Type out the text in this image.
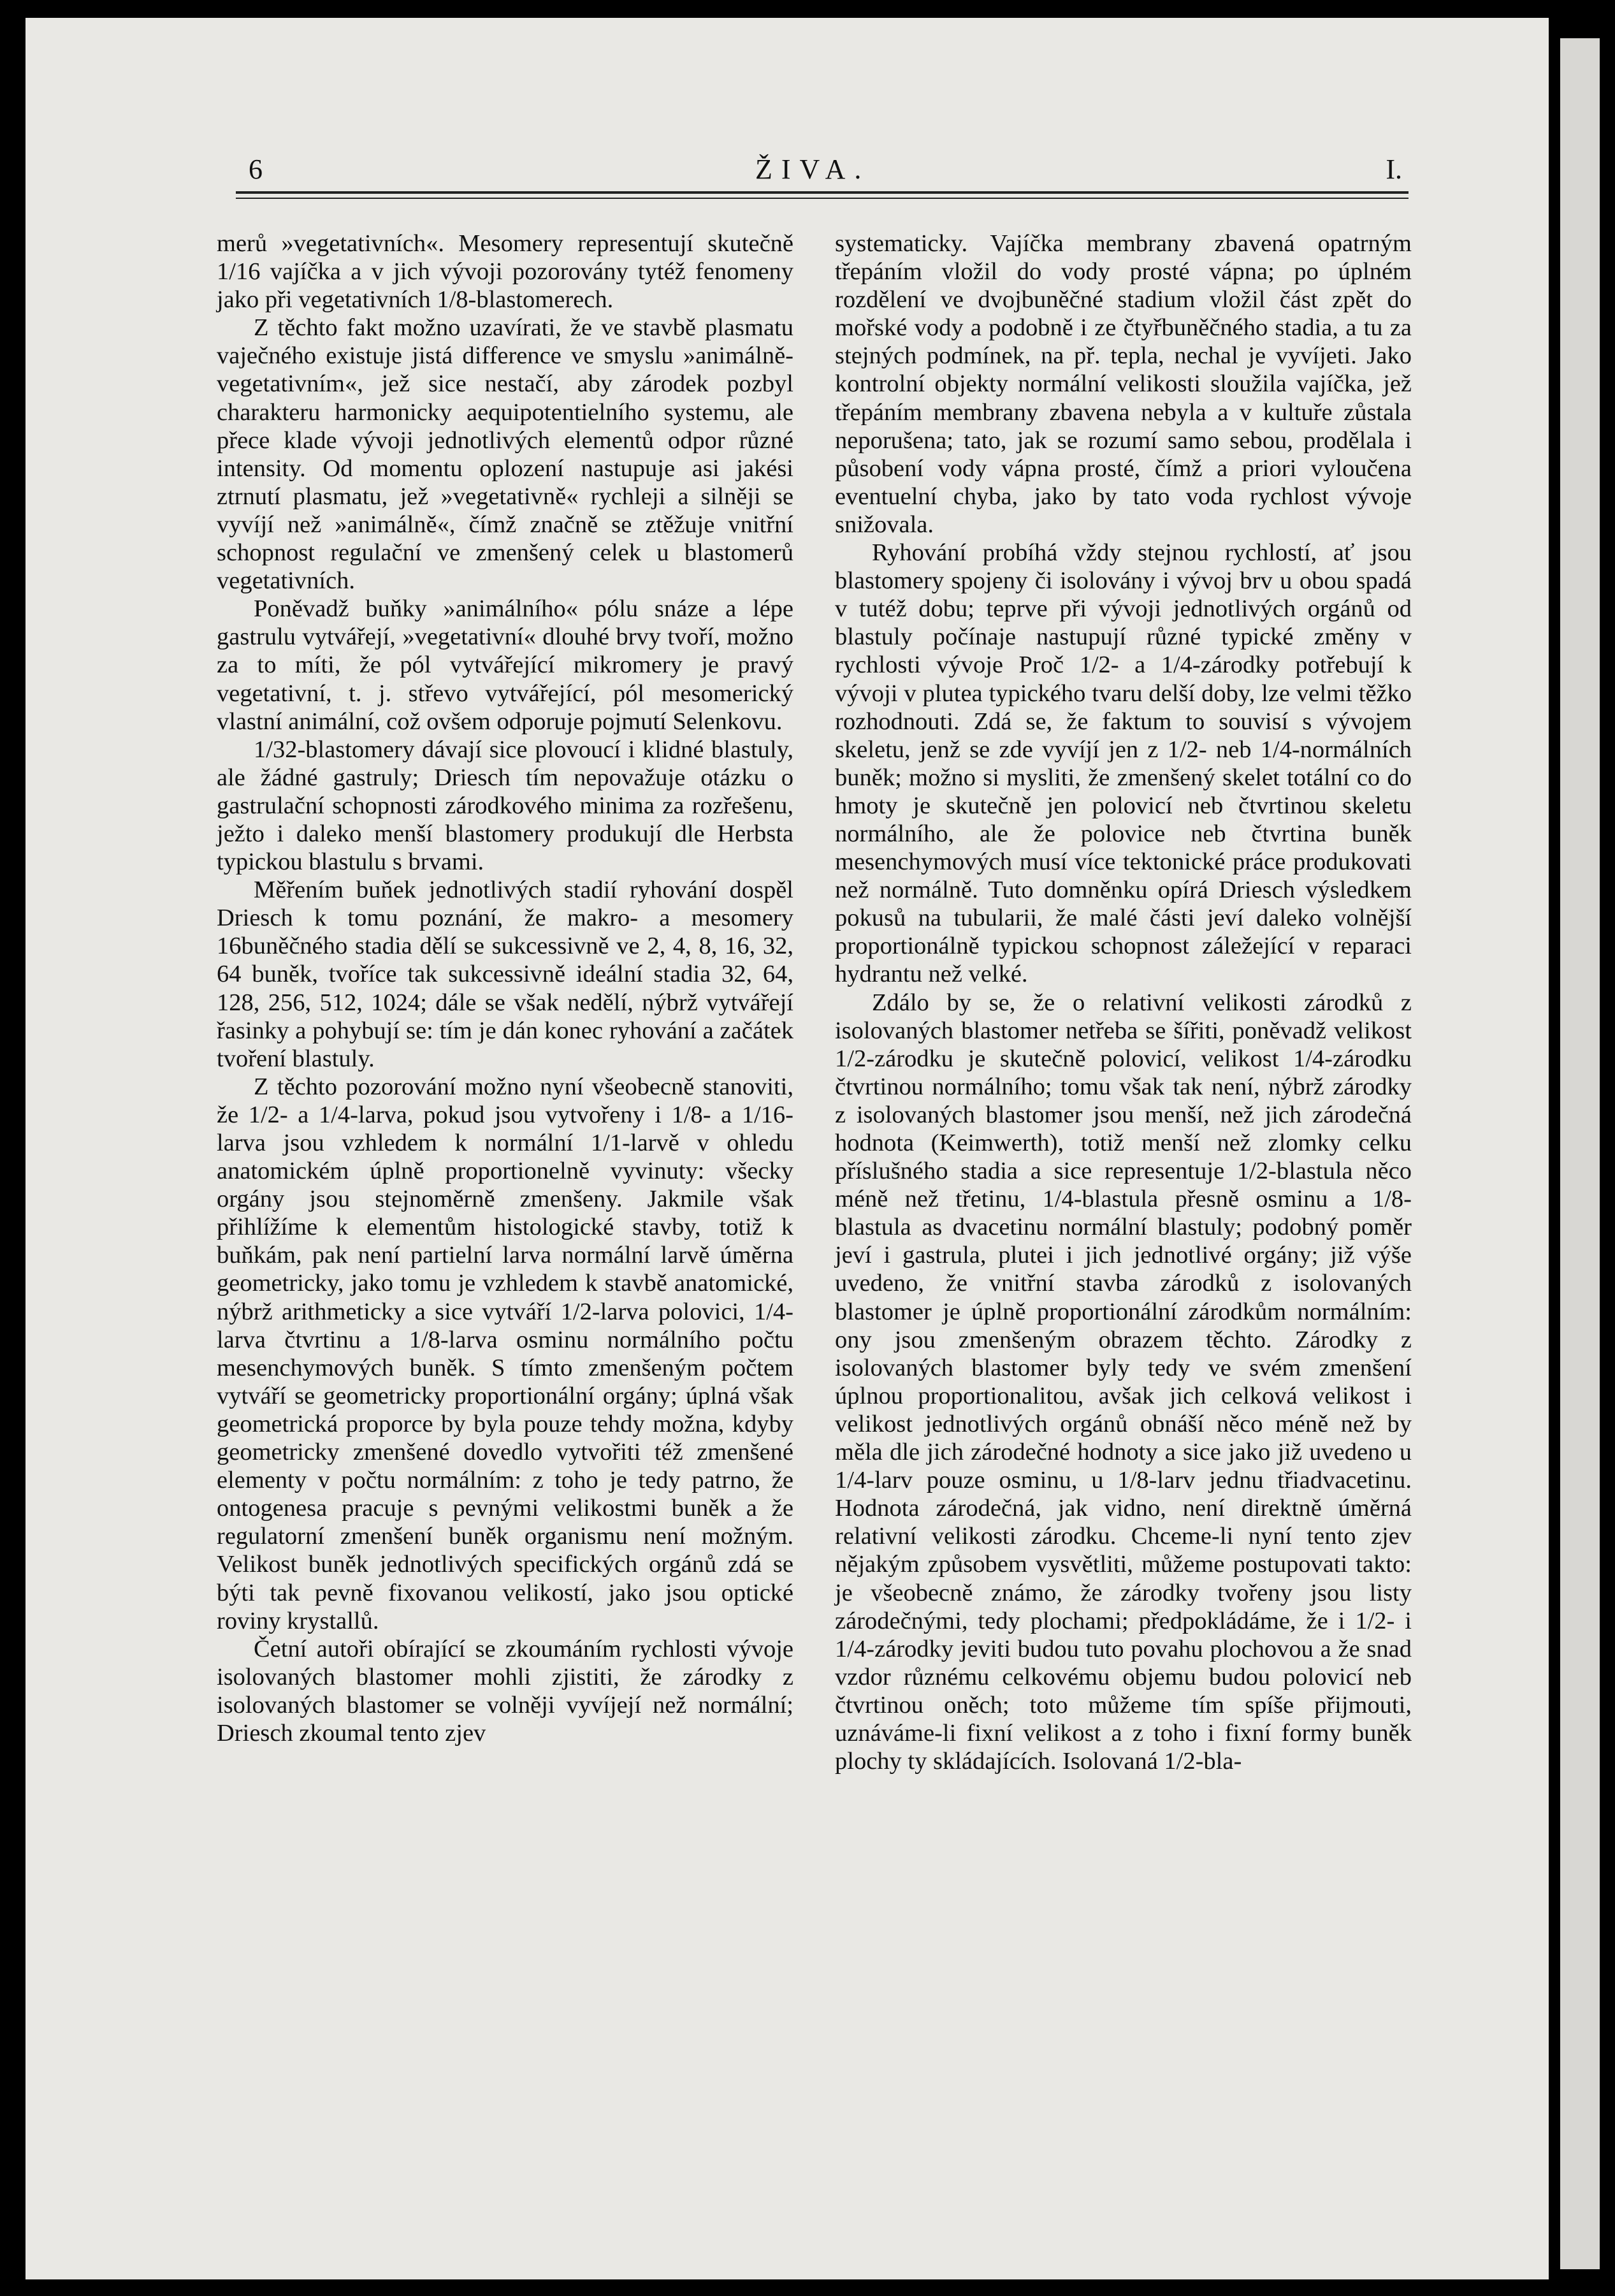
6	ŽIVA.	I.

merů »vegetativních«. Mesomery representují skutečně 1/16 vajíčka a v jich vývoji pozorovány tytéž fenomeny jako při vegetativních 1/8-blastomerech.

Z těchto fakt možno uzavírati, že ve stavbě plasmatu vaječného existuje jistá difference ve smyslu »animálně-vegetativním«, jež sice nestačí, aby zárodek pozbyl charakteru harmonicky aequipotentielního systemu, ale přece klade vývoji jednotlivých elementů odpor různé intensity. Od momentu oplození nastupuje asi jakési ztrnutí plasmatu, jež »vegetativně« rychleji a silněji se vyvíjí než »animálně«, čímž značně se ztěžuje vnitřní schopnost regulační ve zmenšený celek u blastomerů vegetativních.

Poněvadž buňky »animálního« pólu snáze a lépe gastrulu vytvářejí, »vegetativní« dlouhé brvy tvoří, možno za to míti, že pól vytvářející mikromery je pravý vegetativní, t. j. střevo vytvářející, pól mesomerický vlastní animální, což ovšem odporuje pojmutí Selenkovu.

1/32-blastomery dávají sice plovoucí i klidné blastuly, ale žádné gastruly; Driesch tím nepovažuje otázku o gastrulační schopnosti zárodkového minima za rozřešenu, ježto i daleko menší blastomery produkují dle Herbsta typickou blastulu s brvami.

Měřením buňek jednotlivých stadií ryhování dospěl Driesch k tomu poznání, že makro- a mesomery 16buněčného stadia dělí se sukcessivně ve 2, 4, 8, 16, 32, 64 buněk, tvoříce tak sukcessivně ideální stadia 32, 64, 128, 256, 512, 1024; dále se však nedělí, nýbrž vytvářejí řasinky a pohybují se: tím je dán konec ryhování a začátek tvoření blastuly.

Z těchto pozorování možno nyní všeobecně stanoviti, že 1/2- a 1/4-larva, pokud jsou vytvořeny i 1/8- a 1/16-larva jsou vzhledem k normální 1/1-larvě v ohledu anatomickém úplně proportionelně vyvinuty: všecky orgány jsou stejnoměrně zmenšeny. Jakmile však přihlížíme k elementům histologické stavby, totiž k buňkám, pak není partielní larva normální larvě úměrna geometricky, jako tomu je vzhledem k stavbě anatomické, nýbrž arithmeticky a sice vytváří 1/2-larva polovici, 1/4-larva čtvrtinu a 1/8-larva osminu normálního počtu mesenchymových buněk. S tímto zmenšeným počtem vytváří se geometricky proportionální orgány; úplná však geometrická proporce by byla pouze tehdy možna, kdyby geometricky zmenšené dovedlo vytvořiti též zmenšené elementy v počtu normálním: z toho je tedy patrno, že ontogenesa pracuje s pevnými velikostmi buněk a že regulatorní zmenšení buněk organismu není možným. Velikost buněk jednotlivých specifických orgánů zdá se býti tak pevně fixovanou velikostí, jako jsou optické roviny krystallů.

Četní autoři obírající se zkoumáním rychlosti vývoje isolovaných blastomer mohli zjistiti, že zárodky z isolovaných blastomer se volněji vyvíjejí než normální; Driesch zkoumal tento zjev

systematicky. Vajíčka membrany zbavená opatrným třepáním vložil do vody prosté vápna; po úplném rozdělení ve dvojbuněčné stadium vložil část zpět do mořské vody a podobně i ze čtyřbuněčného stadia, a tu za stejných podmínek, na př. tepla, nechal je vyvíjeti. Jako kontrolní objekty normální velikosti sloužila vajíčka, jež třepáním membrany zbavena nebyla a v kultuře zůstala neporušena; tato, jak se rozumí samo sebou, prodělala i působení vody vápna prosté, čímž a priori vyloučena eventuelní chyba, jako by tato voda rychlost vývoje snižovala.

Ryhování probíhá vždy stejnou rychlostí, ať jsou blastomery spojeny či isolovány i vývoj brv u obou spadá v tutéž dobu; teprve při vývoji jednotlivých orgánů od blastuly počínaje nastupují různé typické změny v rychlosti vývoje Proč 1/2- a 1/4-zárodky potřebují k vývoji v plutea typického tvaru delší doby, lze velmi těžko rozhodnouti. Zdá se, že faktum to souvisí s vývojem skeletu, jenž se zde vyvíjí jen z 1/2- neb 1/4-normálních buněk; možno si mysliti, že zmenšený skelet totální co do hmoty je skutečně jen polovicí neb čtvrtinou skeletu normálního, ale že polovice neb čtvrtina buněk mesenchymových musí více tektonické práce produkovati než normálně. Tuto domněnku opírá Driesch výsledkem pokusů na tubularii, že malé části jeví daleko volnější proportionálně typickou schopnost záležející v reparaci hydrantu než velké.

Zdálo by se, že o relativní velikosti zárodků z isolovaných blastomer netřeba se šířiti, poněvadž velikost 1/2-zárodku je skutečně polovicí, velikost 1/4-zárodku čtvrtinou normálního; tomu však tak není, nýbrž zárodky z isolovaných blastomer jsou menší, než jich zárodečná hodnota (Keimwerth), totiž menší než zlomky celku příslušného stadia a sice representuje 1/2-blastula něco méně než třetinu, 1/4-blastula přesně osminu a 1/8-blastula as dvacetinu normální blastuly; podobný poměr jeví i gastrula, plutei i jich jednotlivé orgány; již výše uvedeno, že vnitřní stavba zárodků z isolovaných blastomer je úplně proportionální zárodkům normálním: ony jsou zmenšeným obrazem těchto. Zárodky z isolovaných blastomer byly tedy ve svém zmenšení úplnou proportionalitou, avšak jich celková velikost i velikost jednotlivých orgánů obnáší něco méně než by měla dle jich zárodečné hodnoty a sice jako již uvedeno u 1/4-larv pouze osminu, u 1/8-larv jednu třiadvacetinu. Hodnota zárodečná, jak vidno, není direktně úměrná relativní velikosti zárodku. Chceme-li nyní tento zjev nějakým způsobem vysvětliti, můžeme postupovati takto: je všeobecně známo, že zárodky tvořeny jsou listy zárodečnými, tedy plochami; předpokládáme, že i 1/2- i 1/4-zárodky jeviti budou tuto povahu plochovou a že snad vzdor různému celkovému objemu budou polovicí neb čtvrtinou oněch; toto můžeme tím spíše přijmouti, uznáváme-li fixní velikost a z toho i fixní formy buněk plochy ty skládajících. Isolovaná 1/2-bla-
